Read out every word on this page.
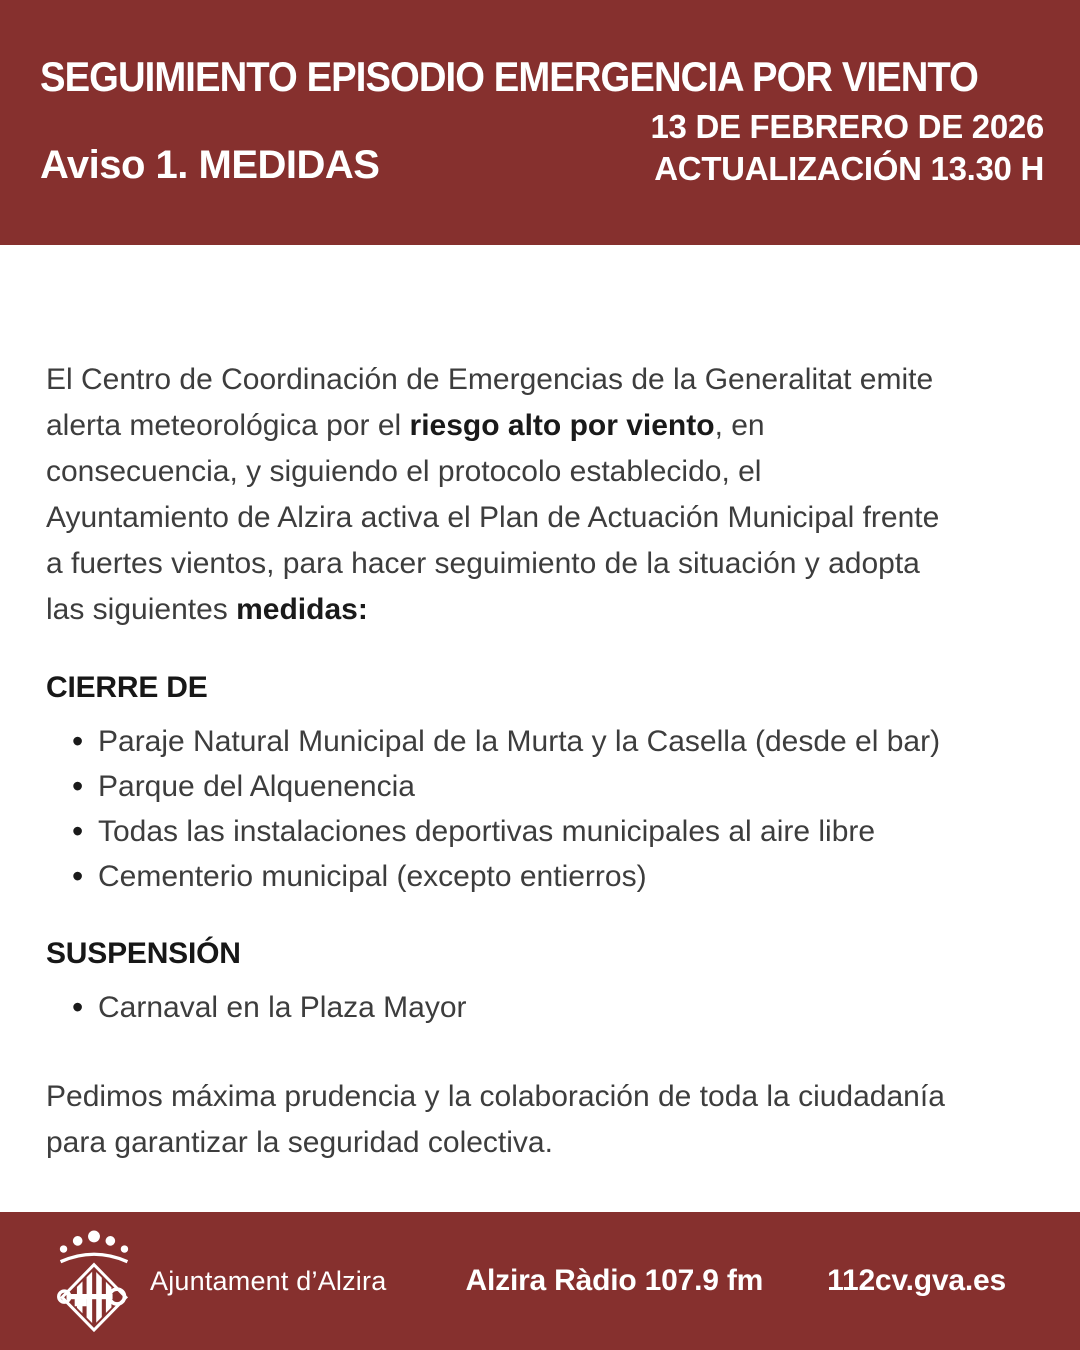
SEGUIMIENTO EPISODIO EMERGENCIA POR VIENTO
Aviso 1. MEDIDAS
13 DE FEBRERO DE 2026
ACTUALIZACIÓN 13.30 H

El Centro de Coordinación de Emergencias de la Generalitat emite
alerta meteorológica por el riesgo alto por viento, en
consecuencia, y siguiendo el protocolo establecido, el
Ayuntamiento de Alzira activa el Plan de Actuación Municipal frente
a fuertes vientos, para hacer seguimiento de la situación y adopta
las siguientes medidas:

CIERRE DE
• Paraje Natural Municipal de la Murta y la Casella (desde el bar)
• Parque del Alquenencia
• Todas las instalaciones deportivas municipales al aire libre
• Cementerio municipal (excepto entierros)
SUSPENSIÓN
• Carnaval en la Plaza Mayor

Pedimos máxima prudencia y la colaboración de toda la ciudadanía
para garantizar la seguridad colectiva.

Ajuntament d’Alzira	Alzira Ràdio 107.9 fm 112cv.gva.es
